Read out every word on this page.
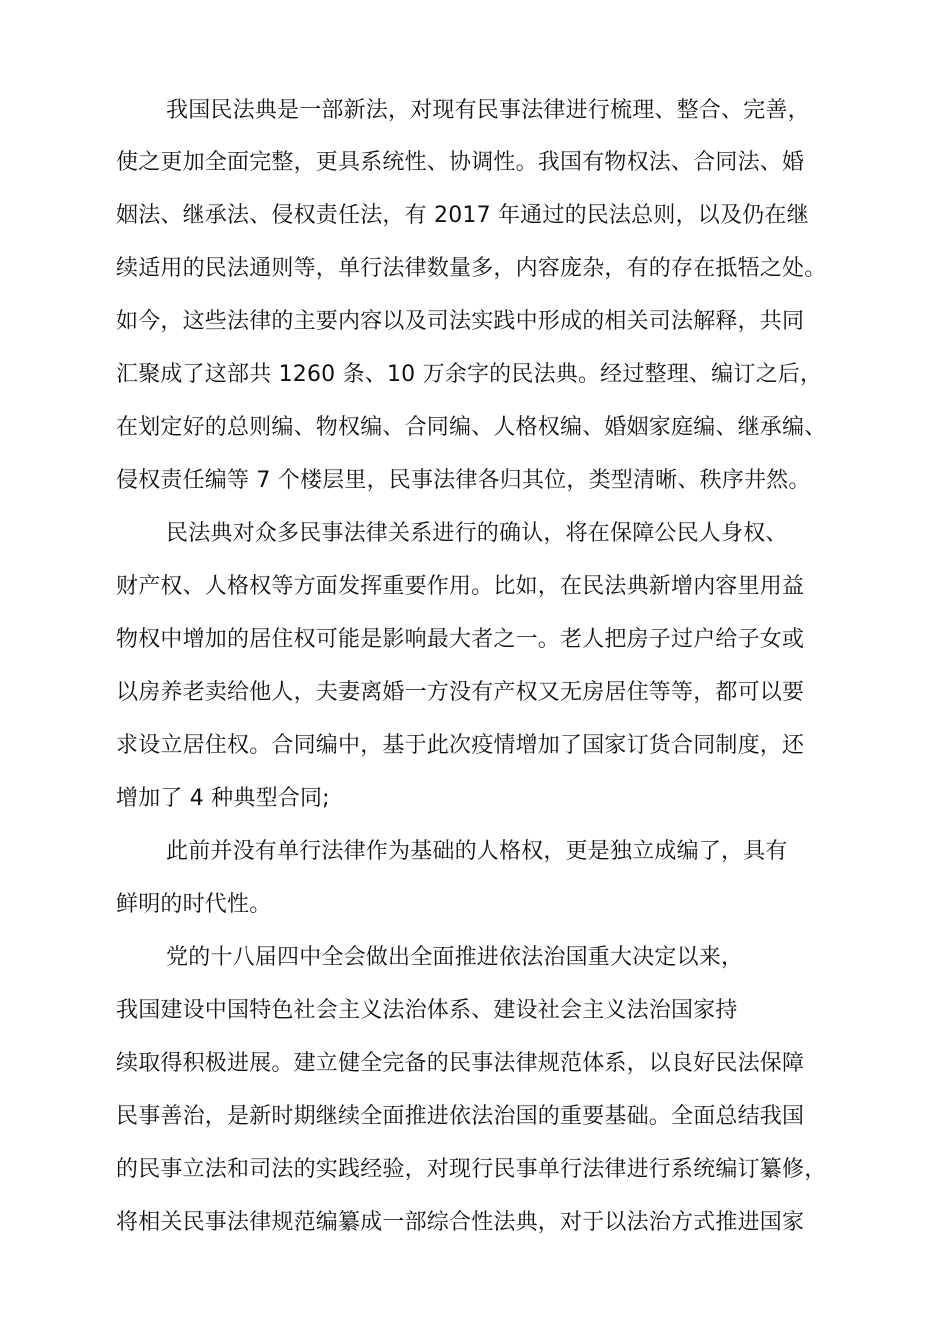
我国民法典是一部新法，对现有民事法律进行梳理、整合、完善，
使之更加全面完整，更具系统性、协调性。我国有物权法、合同法、婚
姻法、继承法、侵权责任法，有 2017 年通过的民法总则，以及仍在继
续适用的民法通则等，单行法律数量多，内容庞杂，有的存在抵牾之处。
如今，这些法律的主要内容以及司法实践中形成的相关司法解释，共同
汇聚成了这部共 1260 条、10 万余字的民法典。经过整理、编订之后，
在划定好的总则编、物权编、合同编、人格权编、婚姻家庭编、继承编、
侵权责任编等 7 个楼层里，民事法律各归其位，类型清晰、秩序井然。
民法典对众多民事法律关系进行的确认，将在保障公民人身权、
财产权、人格权等方面发挥重要作用。比如，在民法典新增内容里用益
物权中增加的居住权可能是影响最大者之一。老人把房子过户给子女或
以房养老卖给他人，夫妻离婚一方没有产权又无房居住等等，都可以要
求设立居住权。合同编中，基于此次疫情增加了国家订货合同制度，还
增加了 4 种典型合同;
此前并没有单行法律作为基础的人格权，更是独立成编了，具有
鲜明的时代性。
党的十八届四中全会做出全面推进依法治国重大决定以来，
我国建设中国特色社会主义法治体系、建设社会主义法治国家持
续取得积极进展。建立健全完备的民事法律规范体系，以良好民法保障
民事善治，是新时期继续全面推进依法治国的重要基础。全面总结我国
的民事立法和司法的实践经验，对现行民事单行法律进行系统编订纂修，
将相关民事法律规范编纂成一部综合性法典，对于以法治方式推进国家
